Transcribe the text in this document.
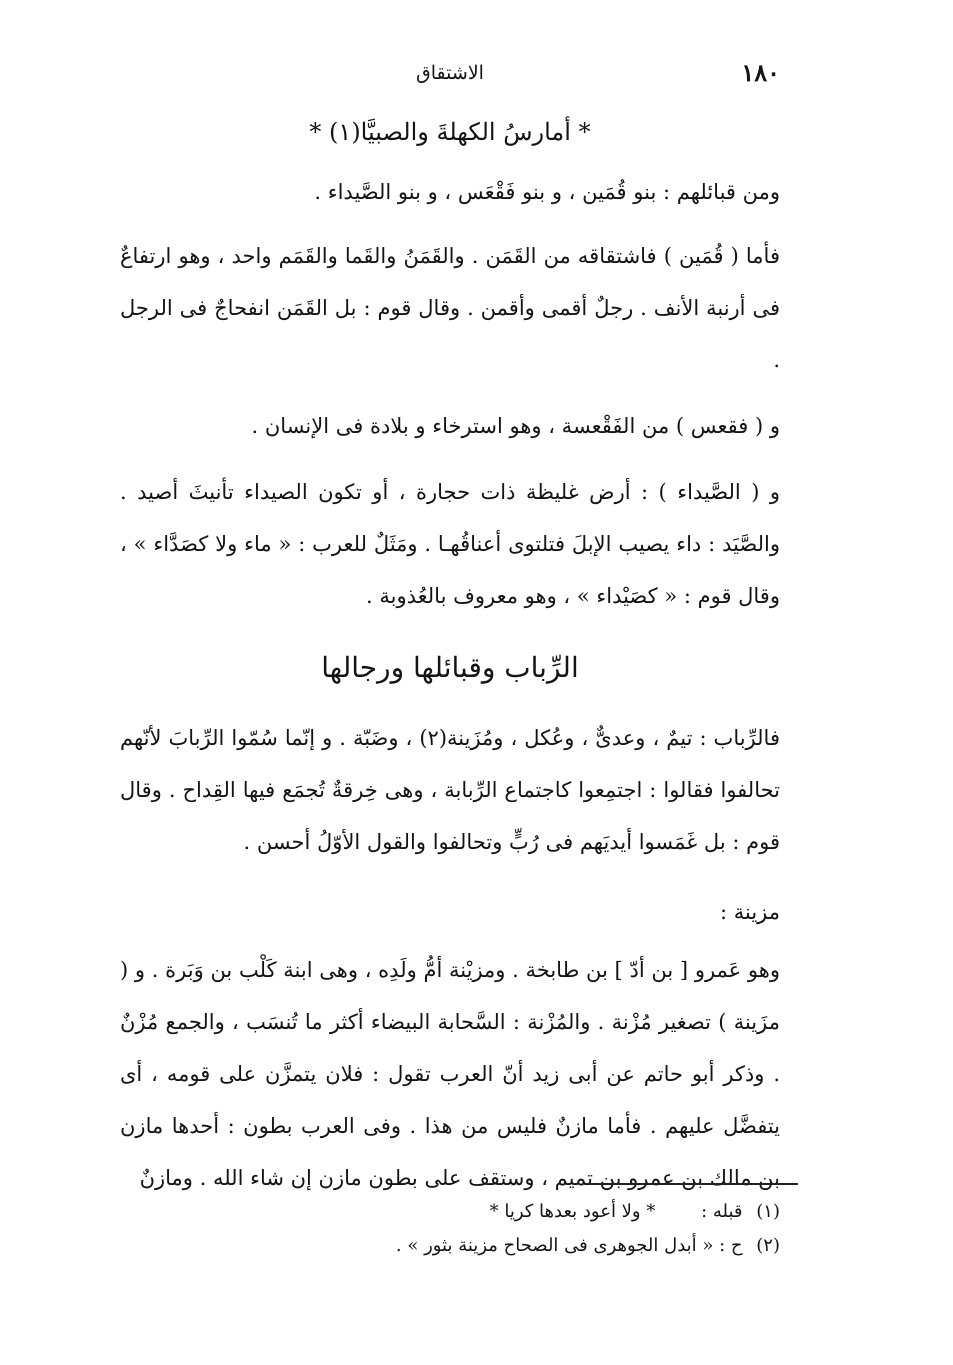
١٨٠
الاشتقاق
* أمارسُ الكهلةَ والصبيَّا(١) *

ومن قبائلهم : بنو قُمَين ، و بنو فَقْعَس ، و بنو الصَّيداء .

فأما ( قُمَين ) فاشتقاقه من القَمَن . والقَمَنُ والقَما والقَمَم واحد ، وهو ارتفاعٌ فى أرنبة الأنف . رجلٌ أقمى وأقمن . وقال قوم : بل القَمَن انفحاجٌ فى الرجل .

و ( فقعس ) من الفَقْعسة ، وهو استرخاء و بلادة فى الإنسان .

و ( الصَّيداء ) : أرض غليظة ذات حجارة ، أو تكون الصيداء تأنيثَ أصيد . والصَّيَد : داء يصيب الإبلَ فتلتوى أعناقُهـا . ومَثَلٌ للعرب : « ماء ولا كصَدَّاء » ، وقال قوم : « كصَيْداء » ، وهو معروف بالعُذوبة .

الرِّباب وقبائلها ورجالها

فالرِّباب : تيمٌ ، وعدىٌّ ، وعُكل ، ومُزَينة(٢) ، وضَبّة . و إنّما سُمّوا الرِّبابَ لأنّهم تحالفوا فقالوا : اجتمِعوا كاجتماع الرِّبابة ، وهى خِرقةٌ تُجمَع فيها القِداح . وقال قوم : بل غَمَسوا أيديَهم فى رُبٍّ وتحالفوا والقول الأوّلُ أحسن .

مزينة :

وهو عَمرو [ بن أدّ ] بن طابخة . ومزيْنة أمُّ ولَدِه ، وهى ابنة كَلْب بن وَبَرة . و ( مزَينة ) تصغير مُزْنة . والمُزْنة : السَّحابة البيضاء أكثر ما تُنسَب ، والجمع مُزْنٌ . وذكر أبو حاتم عن أبى زيد أنّ العرب تقول : فلان يتمزَّن على قومه ، أى يتفضَّل عليهم . فأما مازنٌ فليس من هذا . وفى العرب بطون : أحدها مازن بن مالك بن عمرو بن تميم ، وستقف على بطون مازن إن شاء الله . ومازنٌ

(١) قبله : * ولا أعود بعدها كريا *

(٢) ح : « أبدل الجوهرى فى الصحاح مزينة بثور » .
